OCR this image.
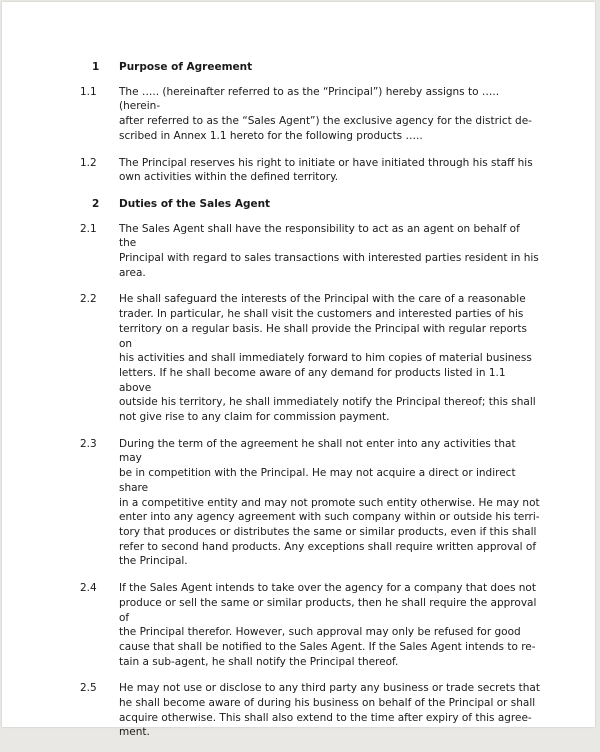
1	Purpose of Agreement
1.1	The ….. (hereinafter referred to as the “Principal”) hereby assigns to ….. (herein-
after referred to as the “Sales Agent”) the exclusive agency for the district de-
scribed in Annex 1.1 hereto for the following products …..
1.2	The Principal reserves his right to initiate or have initiated through his staff his
own activities within the defined territory.
2	Duties of the Sales Agent
2.1	The Sales Agent shall have the responsibility to act as an agent on behalf of the
Principal with regard to sales transactions with interested parties resident in his
area.
2.2	He shall safeguard the interests of the Principal with the care of a reasonable
trader. In particular, he shall visit the customers and interested parties of his
territory on a regular basis. He shall provide the Principal with regular reports on
his activities and shall immediately forward to him copies of material business
letters. If he shall become aware of any demand for products listed in 1.1 above
outside his territory, he shall immediately notify the Principal thereof; this shall
not give rise to any claim for commission payment.
2.3	During the term of the agreement he shall not enter into any activities that may
be in competition with the Principal. He may not acquire a direct or indirect share
in a competitive entity and may not promote such entity otherwise. He may not
enter into any agency agreement with such company within or outside his terri-
tory that produces or distributes the same or similar products, even if this shall
refer to second hand products. Any exceptions shall require written approval of
the Principal.
2.4	If the Sales Agent intends to take over the agency for a company that does not
produce or sell the same or similar products, then he shall require the approval of
the Principal therefor. However, such approval may only be refused for good
cause that shall be notified to the Sales Agent. If the Sales Agent intends to re-
tain a sub-agent, he shall notify the Principal thereof.
2.5	He may not use or disclose to any third party any business or trade secrets that
he shall become aware of during his business on behalf of the Principal or shall
acquire otherwise. This shall also extend to the time after expiry of this agree-
ment.
